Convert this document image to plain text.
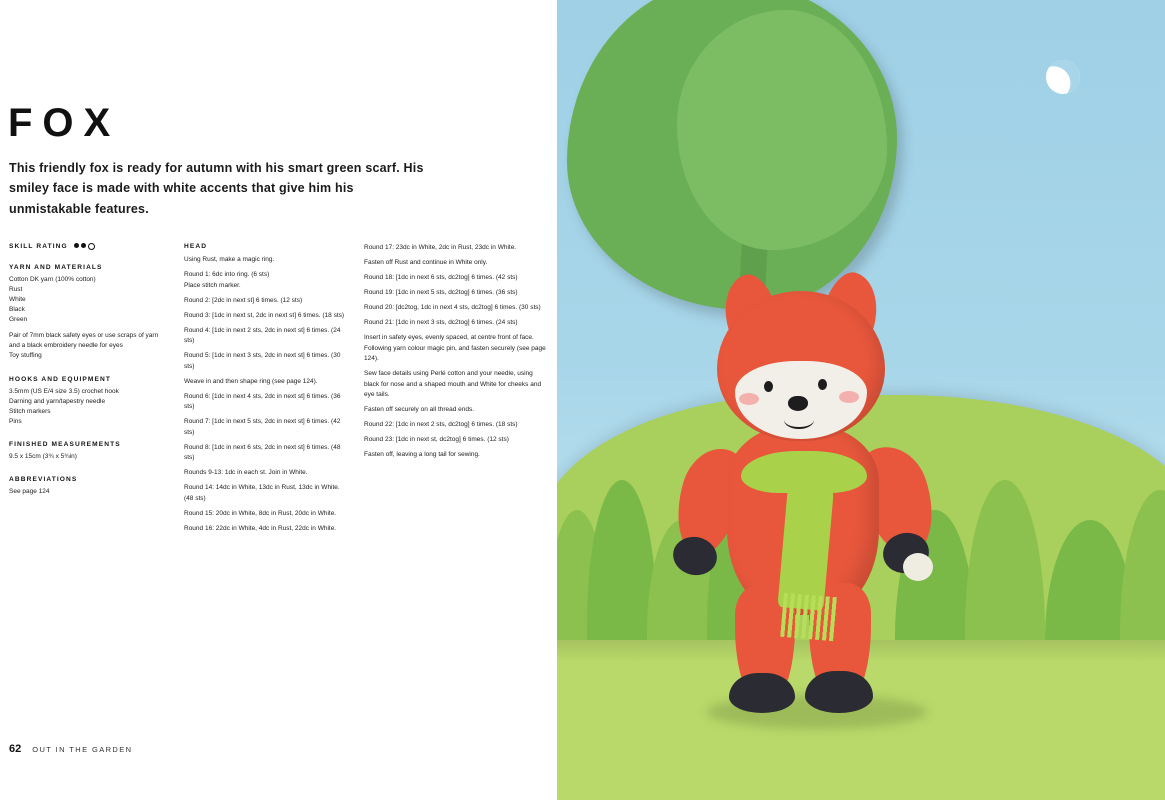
FOX
This friendly fox is ready for autumn with his smart green scarf. His smiley face is made with white accents that give him his unmistakable features.
SKILL RATING
YARN AND MATERIALS

Cotton DK yarn (100% cotton)

Rust

White

Black

Green

Pair of 7mm black safety eyes or use scraps of yarn and a black embroidery needle for eyes

Toy stuffing

HOOKS AND EQUIPMENT

3.5mm (US E/4 size 3.5) crochet hook

Darning and yarn/tapestry needle

Stitch markers

Pins

FINISHED MEASUREMENTS

9.5 x 15cm (3¾ x 5¾in)

ABBREVIATIONS

See page 124

HEAD

Using Rust, make a magic ring.

Round 1: 6dc into ring. (6 sts)

Place stitch marker.

Round 2: [2dc in next st] 6 times. (12 sts)

Round 3: [1dc in next st, 2dc in next st] 6 times. (18 sts)

Round 4: [1dc in next 2 sts, 2dc in next st] 6 times. (24 sts)

Round 5: [1dc in next 3 sts, 2dc in next st] 6 times. (30 sts)

Weave in and then shape ring (see page 124).

Round 6: [1dc in next 4 sts, 2dc in next st] 6 times. (36 sts)

Round 7: [1dc in next 5 sts, 2dc in next st] 6 times. (42 sts)

Round 8: [1dc in next 6 sts, 2dc in next st] 6 times. (48 sts)

Rounds 9-13: 1dc in each st. Join in White.

Round 14: 14dc in White, 13dc in Rust, 13dc in White. (48 sts)

Round 15: 20dc in White, 8dc in Rust, 20dc in White.

Round 16: 22dc in White, 4dc in Rust, 22dc in White.

Round 17: 23dc in White, 2dc in Rust, 23dc in White.

Fasten off Rust and continue in White only.

Round 18: [1dc in next 6 sts, dc2tog] 6 times. (42 sts)

Round 19: [1dc in next 5 sts, dc2tog] 6 times. (36 sts)

Round 20: [dc2tog, 1dc in next 4 sts, dc2tog] 6 times. (30 sts)

Round 21: [1dc in next 3 sts, dc2tog] 6 times. (24 sts)

Insert in safety eyes, evenly spaced, at centre front of face. Following yarn colour magic pin, and fasten securely (see page 124).

Sew face details using Perlé cotton and your needle, using black for nose and a shaped mouth and White for cheeks and eye tails.

Fasten off securely on all thread ends.

Round 22: [1dc in next 2 sts, dc2tog] 6 times. (18 sts)

Round 23: [1dc in next st, dc2tog] 6 times. (12 sts)

Fasten off, leaving a long tail for sewing.

62 OUT IN THE GARDEN
